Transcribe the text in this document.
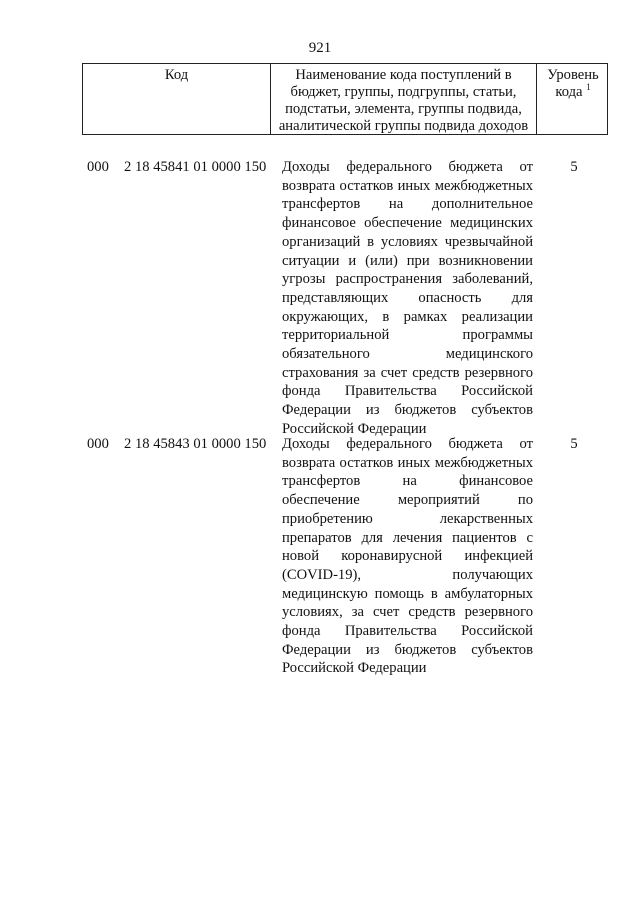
921
Код	Наименование кода поступлений в бюджет, группы, подгруппы, статьи, подстатьи, элемента, группы подвида, аналитической группы подвида доходов
Уровень кода $^1$
000 2 18 45841 01 0000 150 Доходы федерального бюджета от возврата остатков иных межбюджетных трансфертов на дополнительное финансовое обеспечение медицинских организаций в условиях чрезвычайной ситуации и (или) при возникновении угрозы распространения заболеваний, представляющих опасность для окружающих, в рамках реализации территориальной программы обязательного медицинского страхования за счет средств резервного фонда Правительства Российской Федерации из бюджетов субъектов Российской Федерации
5
000 2 18 45843 01 0000 150 Доходы федерального бюджета от возврата остатков иных межбюджетных трансфертов на финансовое обеспечение мероприятий по приобретению лекарственных препаратов для лечения пациентов с новой коронавирусной инфекцией (COVID-19), получающих медицинскую помощь в амбулаторных условиях, за счет средств резервного фонда Правительства Российской Федерации из бюджетов субъектов Российской Федерации
5
